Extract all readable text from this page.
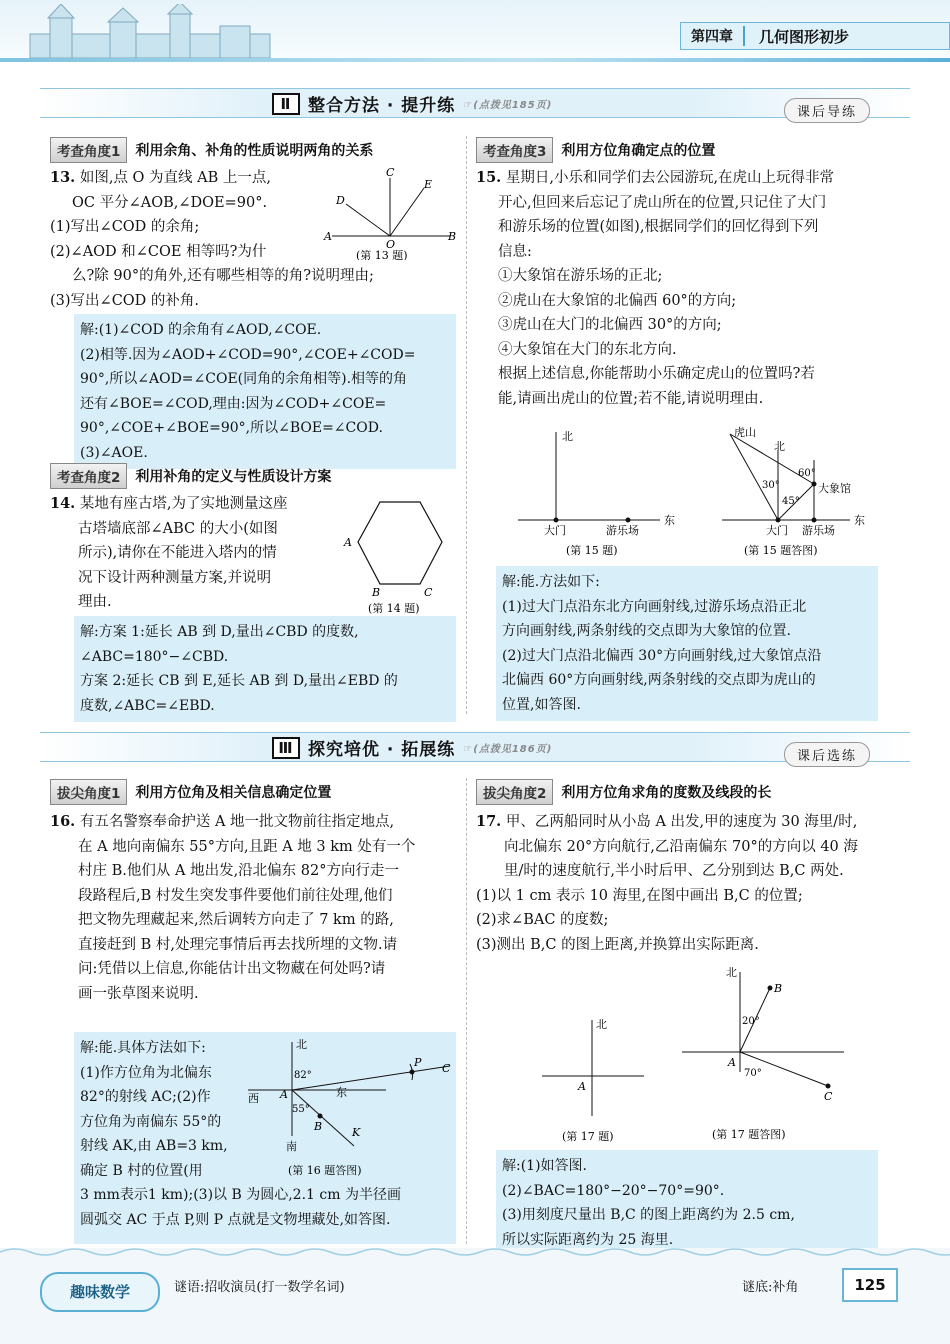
第四章	几何图形初步
Ⅱ 整合方法 · 提升练 ☞(点拨见185页)	课后导练
考查角度1	利用余角、补角的性质说明两角的关系
13. 如图,点 O 为直线 AB 上一点,
OC 平分∠AOB,∠DOE=90°.
(1)写出∠COD 的余角;
(2)∠AOD 和∠COE 相等吗?为什
么?除 90°的角外,还有哪些相等的角?说明理由;
(3)写出∠COD 的补角.
A	B
C
D
E
O
(第 13 题)
解:(1)∠COD 的余角有∠AOD,∠COE.
(2)相等.因为∠AOD+∠COD=90°,∠COE+∠COD=
90°,所以∠AOD=∠COE(同角的余角相等).相等的角
还有∠BOE=∠COD,理由:因为∠COD+∠COE=
90°,∠COE+∠BOE=90°,所以∠BOE=∠COD.
(3)∠AOE.
考查角度2	利用补角的定义与性质设计方案
14. 某地有座古塔,为了实地测量这座
古塔墙底部∠ABC 的大小(如图
所示),请你在不能进入塔内的情
况下设计两种测量方案,并说明
理由.
A
B	C
(第 14 题)
解:方案 1:延长 AB 到 D,量出∠CBD 的度数,
∠ABC=180°−∠CBD.
方案 2:延长 CB 到 E,延长 AB 到 D,量出∠EBD 的
度数,∠ABC=∠EBD.
考查角度3	利用方位角确定点的位置
15. 星期日,小乐和同学们去公园游玩,在虎山上玩得非常
开心,但回来后忘记了虎山所在的位置,只记住了大门
和游乐场的位置(如图),根据同学们的回忆得到下列
信息:
①大象馆在游乐场的正北;
②虎山在大象馆的北偏西 60°的方向;
③虎山在大门的北偏西 30°的方向;
④大象馆在大门的东北方向.
根据上述信息,你能帮助小乐确定虎山的位置吗?若
能,请画出虎山的位置;若不能,请说明理由.
北
东
大门	游乐场
(第 15 题)
虎山
北
60°
大象馆
30°
45°
东
大门 游乐场
(第 15 题答图)
解:能.方法如下:
(1)过大门点沿东北方向画射线,过游乐场点沿正北
方向画射线,两条射线的交点即为大象馆的位置.
(2)过大门点沿北偏西 30°方向画射线,过大象馆点沿
北偏西 60°方向画射线,两条射线的交点即为虎山的
位置,如答图.
Ⅲ 探究培优 · 拓展练 ☞(点拨见186页)	课后选练
拔尖角度1	利用方位角及相关信息确定位置
16. 有五名警察奉命护送 A 地一批文物前往指定地点,
在 A 地向南偏东 55°方向,且距 A 地 3 km 处有一个
村庄 B.他们从 A 地出发,沿北偏东 82°方向行走一
段路程后,B 村发生突发事件要他们前往处理,他们
把文物先理藏起来,然后调转方向走了 7 km 的路,
直接赶到 B 村,处理完事情后再去找所埋的文物.请
问:凭借以上信息,你能估计出文物藏在何处吗?请
画一张草图来说明.
解:能.具体方法如下:
(1)作方位角为北偏东
82°的射线 AC;(2)作
方位角为南偏东 55°的
射线 AK,由 AB=3 km,
确定 B 村的位置(用
3 mm表示1 km);(3)以 B 为圆心,2.1 cm 为半径画
圆弧交 AC 于点 P,则 P 点就是文物埋藏处,如答图.
北
西	东
南
82°
55°
A
B
C
K
P
(第 16 题答图)
拔尖角度2	利用方位角求角的度数及线段的长
17. 甲、乙两船同时从小岛 A 出发,甲的速度为 30 海里/时,
向北偏东 20°方向航行,乙沿南偏东 70°的方向以 40 海
里/时的速度航行,半小时后甲、乙分别到达 B,C 两处.
(1)以 1 cm 表示 10 海里,在图中画出 B,C 的位置;
(2)求∠BAC 的度数;
(3)测出 B,C 的图上距离,并换算出实际距离.
北
A
(第 17 题)
北
B
20°
A
70°
C
(第 17 题答图)
解:(1)如答图.
(2)∠BAC=180°−20°−70°=90°.
(3)用刻度尺量出 B,C 的图上距离约为 2.5 cm,
所以实际距离约为 25 海里.
趣味数学	谜语:招收演员(打一数学名词)	谜底:补角	125
